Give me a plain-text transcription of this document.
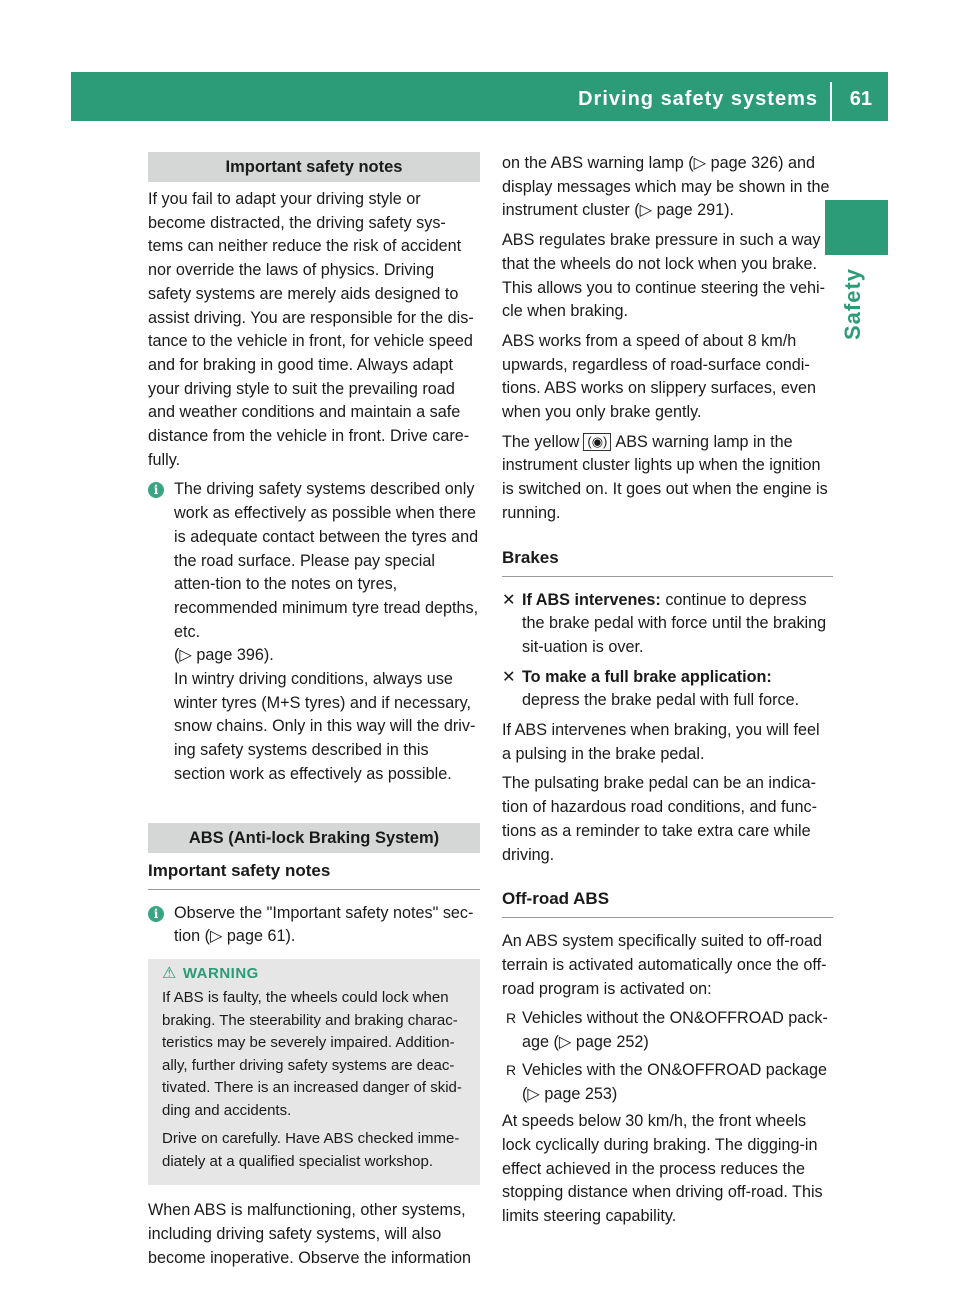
Driving safety systems 61
Safety
Important safety notes

If you fail to adapt your driving style or become distracted, the driving safety sys-tems can neither reduce the risk of accident nor override the laws of physics. Driving safety systems are merely aids designed to assist driving. You are responsible for the dis-tance to the vehicle in front, for vehicle speed and for braking in good time. Always adapt your driving style to suit the prevailing road and weather conditions and maintain a safe distance from the vehicle in front. Drive care-fully.

i The driving safety systems described only work as effectively as possible when there is adequate contact between the tyres and the road surface. Please pay special atten-tion to the notes on tyres, recommended minimum tyre tread depths, etc.
(▷ page 396).
In wintry driving conditions, always use winter tyres (M+S tyres) and if necessary, snow chains. Only in this way will the driv-ing safety systems described in this section work as effectively as possible.
ABS (Anti-lock Braking System)
Important safety notes
i Observe the "Important safety notes" sec-tion (▷ page 61).
⚠ WARNING

If ABS is faulty, the wheels could lock when braking. The steerability and braking charac-teristics may be severely impaired. Addition-ally, further driving safety systems are deac-tivated. There is an increased danger of skid-ding and accidents.

Drive on carefully. Have ABS checked imme-diately at a qualified specialist workshop.

When ABS is malfunctioning, other systems, including driving safety systems, will also become inoperative. Observe the information

on the ABS warning lamp (▷ page 326) and display messages which may be shown in the instrument cluster (▷ page 291).

ABS regulates brake pressure in such a way that the wheels do not lock when you brake. This allows you to continue steering the vehi-cle when braking.

ABS works from a speed of about 8 km/h upwards, regardless of road-surface condi-tions. ABS works on slippery surfaces, even when you only brake gently.

The yellow (◉) ABS warning lamp in the instrument cluster lights up when the ignition is switched on. It goes out when the engine is running.

Brakes
✕ If ABS intervenes: continue to depress the brake pedal with force until the braking sit-uation is over.
✕ To make a full brake application:
depress the brake pedal with full force.

If ABS intervenes when braking, you will feel a pulsing in the brake pedal.

The pulsating brake pedal can be an indica-tion of hazardous road conditions, and func-tions as a reminder to take extra care while driving.

Off-road ABS

An ABS system specifically suited to off-road terrain is activated automatically once the off-road program is activated on:

R Vehicles without the ON&OFFROAD pack-age (▷ page 252)
R Vehicles with the ON&OFFROAD package (▷ page 253)

At speeds below 30 km/h, the front wheels lock cyclically during braking. The digging-in effect achieved in the process reduces the stopping distance when driving off-road. This limits steering capability.
